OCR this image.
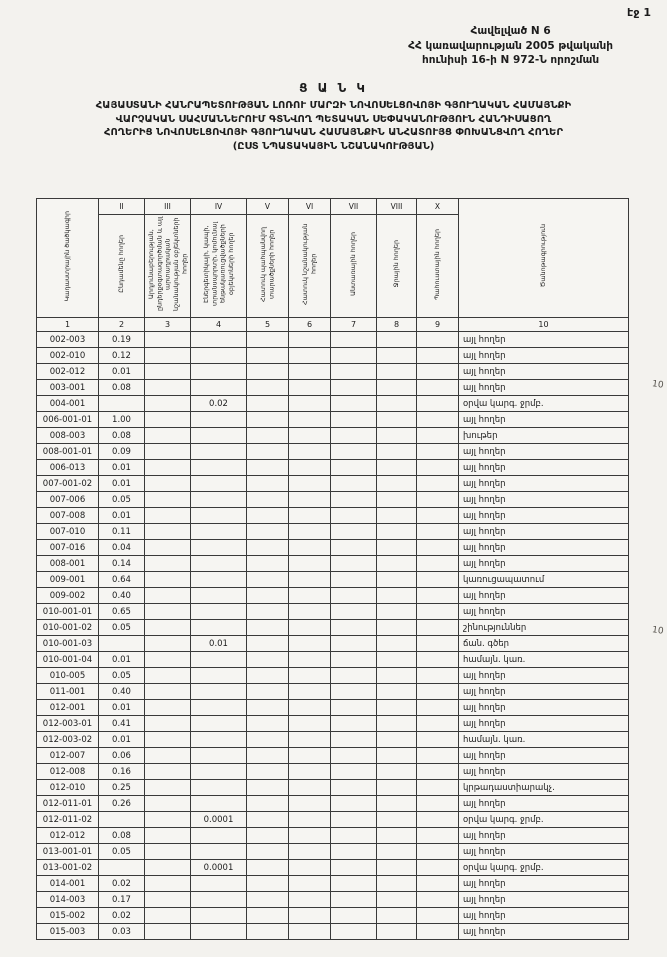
էջ 1
Հավելված N 6
ՀՀ կառավարության 2005 թվականի
հունիսի 16-ի N 972-Ն որոշման
Ց Ա Ն Կ
ՀԱՅԱՍՏԱՆԻ ՀԱՆՐԱՊԵՏՈՒԹՅԱՆ ԼՈՌՈՒ ՄԱՐԶԻ ՆՈՎՈՍԵԼՑՈՎՈՅԻ ԳՅՈՒՂԱԿԱՆ ՀԱՄԱՅՆՔԻ
ՎԱՐՉԱԿԱՆ ՍԱՀՄԱՆՆԵՐՈՒՄ ԳՏՆՎՈՂ ՊԵՏԱԿԱՆ ՍԵՓԱԿԱՆՈՒԹՅՈՒՆ ՀԱՆԴԻՍԱՑՈՂ
ՀՈՂԵՐԻՑ ՆՈՎՈՍԵԼՑՈՎՈՅԻ ԳՅՈՒՂԱԿԱՆ ՀԱՄԱՅՆՔԻՆ ԱՆՀԱՏՈՒՅՑ ՓՈԽԱՆՑՎՈՂ ՀՈՂԵՐ
(ԸՍՏ ՆՊԱՏԱԿԱՅԻՆ ՆՇԱՆԱԿՈՒԹՅԱՆ)
Կադաստրային ծածկագիր	II	III	IV	V	VI	VII	VIII	X	Ծանոթագրություն
	Ընդամենը հողեր	Արդյունաբերության, ընդերքօգտագործման և այլ արտադրական նշանակության օբյեկտների հողեր	Էներգետիկայի, կապի, տրանսպորտի, կոմունալ ենթակառուցվածքների օբյեկտների հողեր	Հատուկ պահպանվող տարածքների հողեր	Հատուկ նշանակության հողեր	Անտառային հողեր	Ջրային հողեր	Պահուստային հողեր	
1	2	3	4	5	6	7	8	9	10
002-003	0.19								այլ հողեր
002-010	0.12								այլ հողեր
002-012	0.01								այլ հողեր
003-001	0.08								այլ հողեր
004-001			0.02						օրվա կարգ. ջրմբ.
006-001-01	1.00								այլ հողեր
008-003	0.08								խութեր
008-001-01	0.09								այլ հողեր
006-013	0.01								այլ հողեր
007-001-02	0.01								այլ հողեր
007-006	0.05								այլ հողեր
007-008	0.01								այլ հողեր
007-010	0.11								այլ հողեր
007-016	0.04								այլ հողեր
008-001	0.14								այլ հողեր
009-001	0.64								կառուցապատում
009-002	0.40								այլ հողեր
010-001-01	0.65								այլ հողեր
010-001-02	0.05								շինություններ
010-001-03			0.01						ճան. գծեր
010-001-04	0.01								համայն. կառ.
010-005	0.05								այլ հողեր
011-001	0.40								այլ հողեր
012-001	0.01								այլ հողեր
012-003-01	0.41								այլ հողեր
012-003-02	0.01								համայն. կառ.
012-007	0.06								այլ հողեր
012-008	0.16								այլ հողեր
012-010	0.25								կրթադաստիարակչ.
012-011-01	0.26								այլ հողեր
012-011-02			0.0001						օրվա կարգ. ջրմբ.
012-012	0.08								այլ հողեր
013-001-01	0.05								այլ հողեր
013-001-02			0.0001						օրվա կարգ. ջրմբ.
014-001	0.02								այլ հողեր
014-003	0.17								այլ հողեր
015-002	0.02								այլ հողեր
015-003	0.03								այլ հողեր
10
10
